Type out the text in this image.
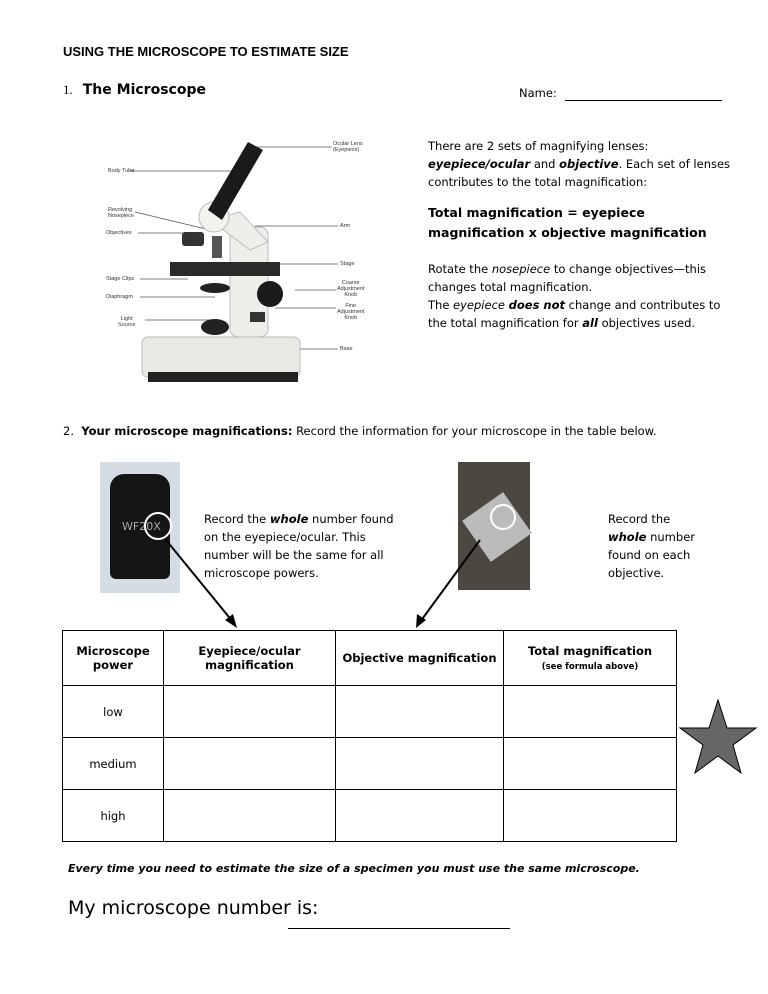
USING THE MICROSCOPE TO ESTIMATE SIZE
1. The Microscope	Name:
Ocular Lens
(Eyepiece)
Body Tube
Revolving
Nosepiece
Objectives
Arm
Stage
Stage Clips
Coarse
Adjustment
Knob
Diaphragm
Fine
Adjustment
Knob
Light
Source
Base
There are 2 sets of magnifying lenses: eyepiece/ocular and objective. Each set of lenses contributes to the total magnification:
Total magnification = eyepiece magnification x objective magnification
Rotate the nosepiece to change objectives—this changes total magnification.
The eyepiece does not change and contributes to the total magnification for all objectives used.
2. Your microscope magnifications: Record the information for your microscope in the table below.
WF20X
Record the whole number found on the eyepiece/ocular. This number will be the same for all microscope powers.
Record the whole number found on each objective.
Microscope power	Eyepiece/ocular magnification	Objective magnification	Total magnification
(see formula above)
low			
medium			
high			
Every time you need to estimate the size of a specimen you must use the same microscope.
My microscope number is:
